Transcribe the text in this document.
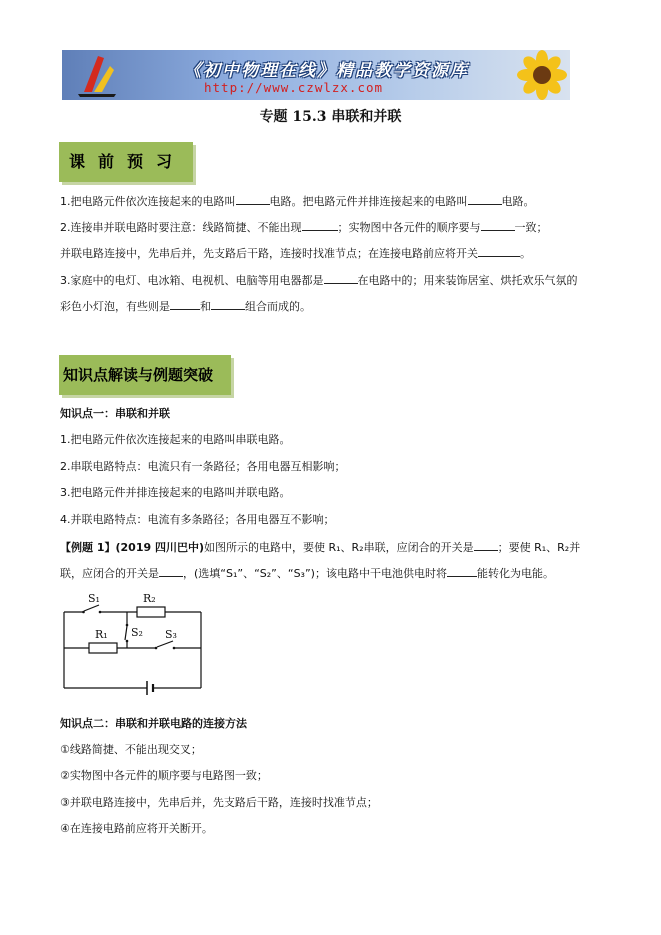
《初中物理在线》精品教学资源库
http://www.czwlzx.com
专题 15.3 串联和并联
课前预习
1.把电路元件依次连接起来的电路叫	电路。把电路元件并排连接起来的电路叫	电路。
2.连接串并联电路时要注意：线路简捷、不能出现	；实物图中各元件的顺序要与	一致；
并联电路连接中，先串后并，先支路后干路，连接时找准节点；在连接电路前应将开关	。
3.家庭中的电灯、电冰箱、电视机、电脑等用电器都是	在电路中的；用来装饰居室、烘托欢乐气氛的
彩色小灯泡，有些则是	和	组合而成的。
知识点解读与例题突破
知识点一：串联和并联
1.把电路元件依次连接起来的电路叫串联电路。
2.串联电路特点：电流只有一条路径；各用电器互相影响；
3.把电路元件并排连接起来的电路叫并联电路。
4.并联电路特点：电流有多条路径；各用电器互不影响；
【例题 1】(2019 四川巴中)如图所示的电路中，要使 R₁、R₂串联，应闭合的开关是 ；要使 R₁、R₂并
联，应闭合的开关是 ，(选填“S₁”、“S₂”、“S₃”)；该电路中干电池供电时将	能转化为电能。
S₁	R₂
R₁ S₂ S₃
知识点二：串联和并联电路的连接方法
①线路简捷、不能出现交叉；
②实物图中各元件的顺序要与电路图一致；
③并联电路连接中，先串后并，先支路后干路，连接时找准节点；
④在连接电路前应将开关断开。
